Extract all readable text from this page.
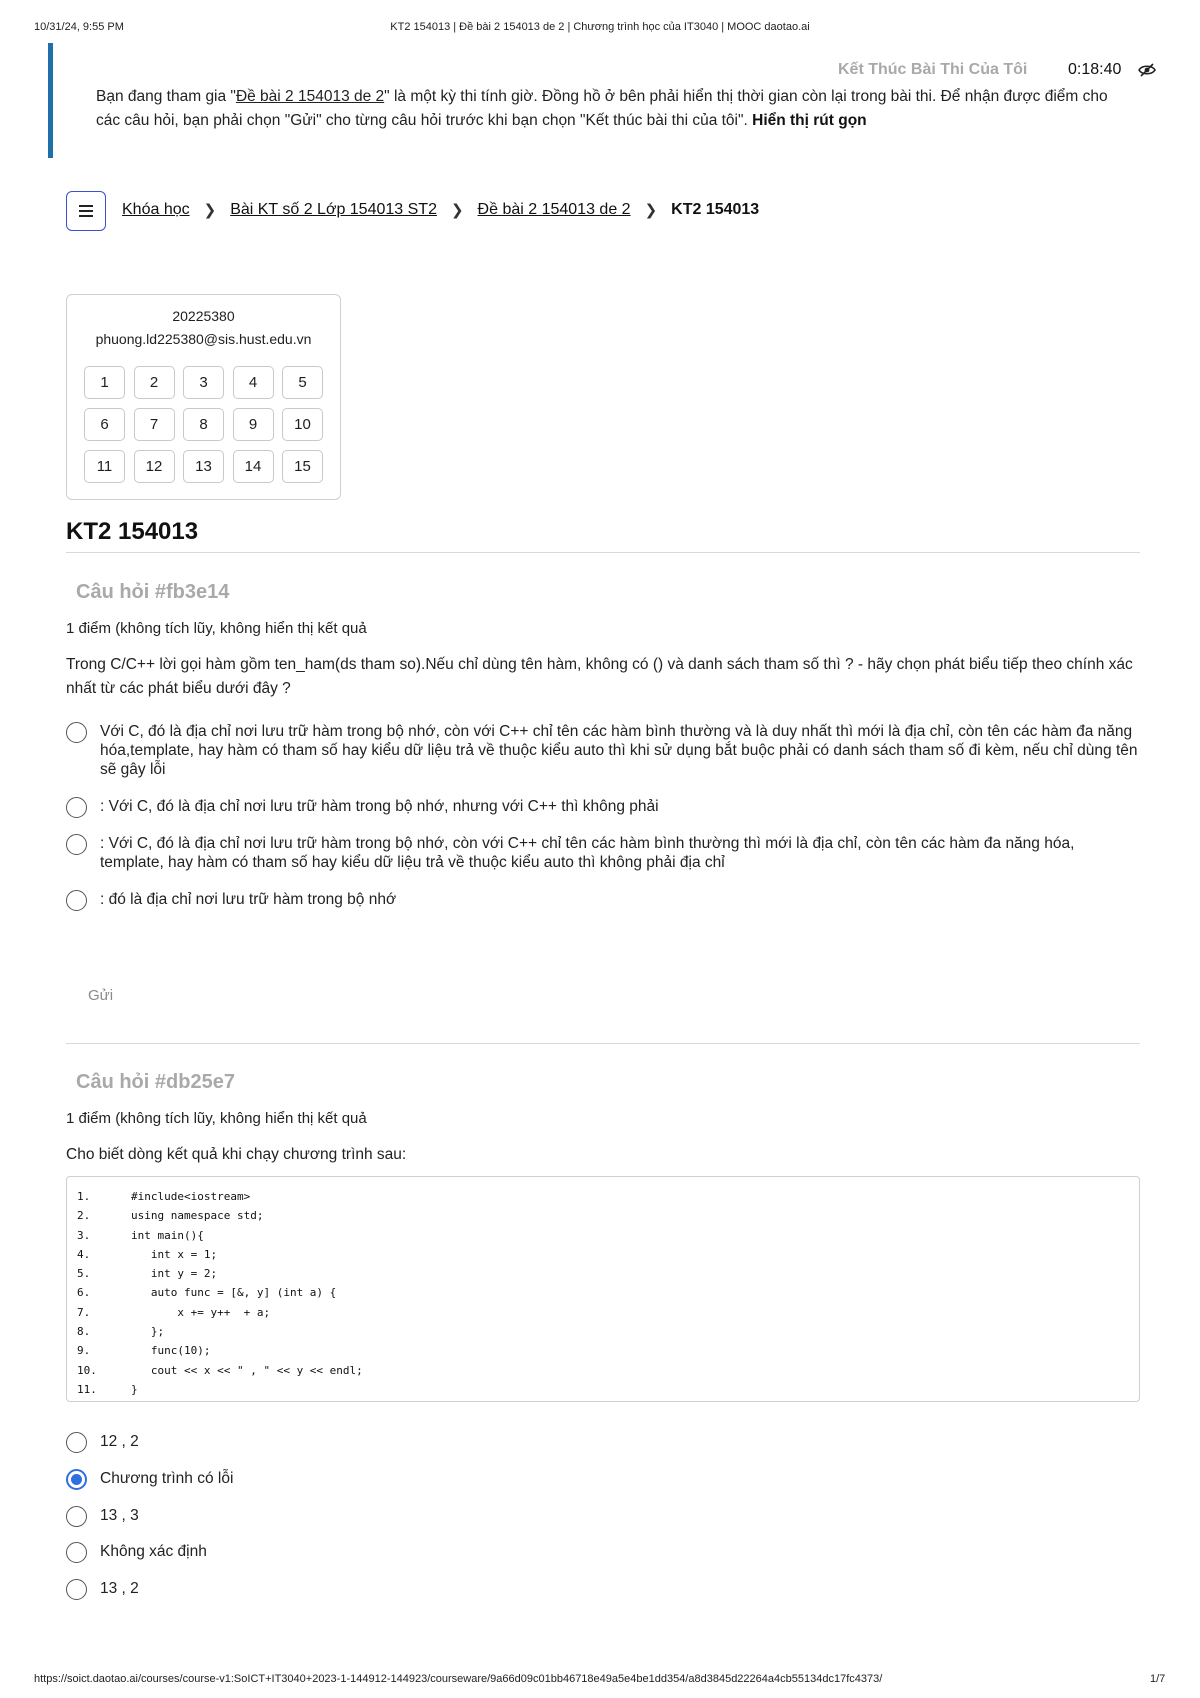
10/31/24, 9:55 PM	KT2 154013 | Đề bài 2 154013 de 2 | Chương trình học của IT3040 | MOOC daotao.ai
Kết Thúc Bài Thi Của Tôi	0:18:40
Bạn đang tham gia "Đề bài 2 154013 de 2" là một kỳ thi tính giờ. Đồng hồ ở bên phải hiển thị thời gian còn lại trong bài thi. Để nhận được điểm cho các câu hỏi, bạn phải chọn "Gửi" cho từng câu hỏi trước khi bạn chọn "Kết thúc bài thi của tôi". Hiển thị rút gọn
Khóa học ❯ Bài KT số 2 Lớp 154013 ST2 ❯ Đề bài 2 154013 de 2 ❯ KT2 154013
20225380
phuong.ld225380@sis.hust.edu.vn
1	2	3	4	5
6	7	8	9	10
11	12	13	14	15
KT2 154013
Câu hỏi #fb3e14
1 điểm (không tích lũy, không hiển thị kết quả
Trong C/C++ lời gọi hàm gồm ten_ham(ds tham so).Nếu chỉ dùng tên hàm, không có () và danh sách tham số thì ? - hãy chọn phát biểu tiếp theo chính xác nhất từ các phát biểu dưới đây ?
Với C, đó là địa chỉ nơi lưu trữ hàm trong bộ nhớ, còn với C++ chỉ tên các hàm bình thường và là duy nhất thì mới là địa chỉ, còn tên các hàm đa năng hóa,template, hay hàm có tham số hay kiểu dữ liệu trả về thuộc kiểu auto thì khi sử dụng bắt buộc phải có danh sách tham số đi kèm, nếu chỉ dùng tên sẽ gây lỗi
: Với C, đó là địa chỉ nơi lưu trữ hàm trong bộ nhớ, nhưng với C++ thì không phải
: Với C, đó là địa chỉ nơi lưu trữ hàm trong bộ nhớ, còn với C++ chỉ tên các hàm bình thường thì mới là địa chỉ, còn tên các hàm đa năng hóa, template, hay hàm có tham số hay kiểu dữ liệu trả về thuộc kiểu auto thì không phải địa chỉ
: đó là địa chỉ nơi lưu trữ hàm trong bộ nhớ
Gửi
Câu hỏi #db25e7
1 điểm (không tích lũy, không hiển thị kết quả
Cho biết dòng kết quả khi chạy chương trình sau:
1.	#include<iostream>
2.	using namespace std;
3.	int main(){
4.	int x = 1;
5.	int y = 2;
6.	auto func = [&, y] (int a) {
7.	x += y++  + a;
8.	};
9.	func(10);
10.	cout << x << " , " << y << endl;
11.	}
12 , 2
Chương trình có lỗi
13 , 3
Không xác định
13 , 2
https://soict.daotao.ai/courses/course-v1:SoICT+IT3040+2023-1-144912-144923/courseware/9a66d09c01bb46718e49a5e4be1dd354/a8d3845d22264a4cb55134dc17fc4373/	1/7
